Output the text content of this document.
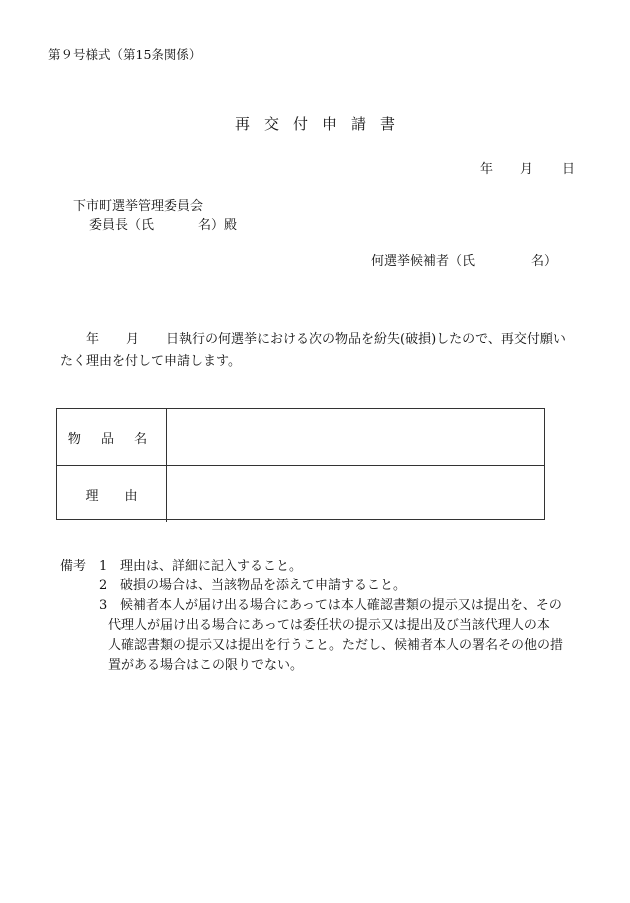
第９号様式（第15条関係）
再交付申請書
年 月 日
下市町選挙管理委員会
委員長（氏	名）殿
何選挙候補者（氏	名）
年 月 日執行の何選挙における次の物品を紛失(破損)したので、再交付願い
たく理由を付して申請します。
物 品 名
理　　由
備考 1 理由は、詳細に記入すること。
2 破損の場合は、当該物品を添えて申請すること。
3 候補者本人が届け出る場合にあっては本人確認書類の提示又は提出を、その
代理人が届け出る場合にあっては委任状の提示又は提出及び当該代理人の本
人確認書類の提示又は提出を行うこと。ただし、候補者本人の署名その他の措
置がある場合はこの限りでない。
